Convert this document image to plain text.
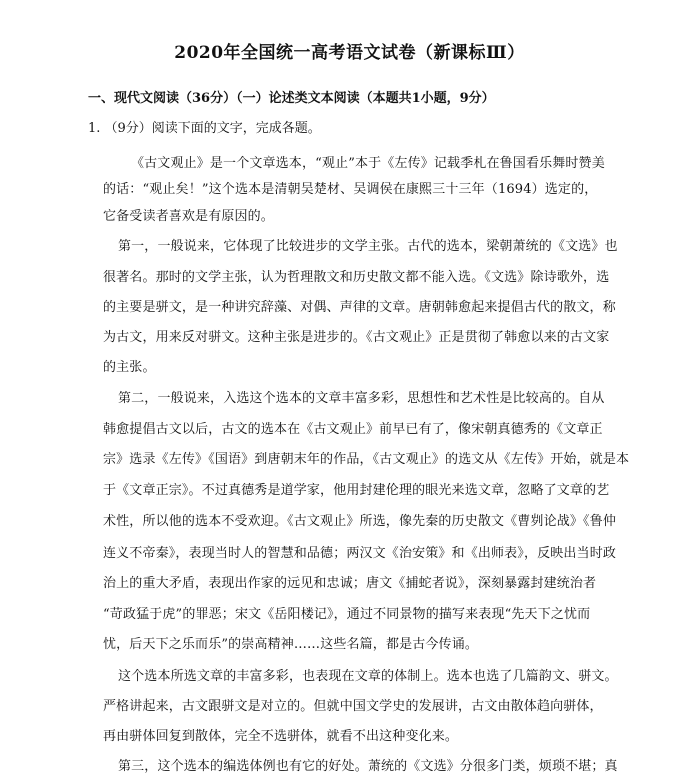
2020年全国统一高考语文试卷（新课标Ⅲ）
一、现代文阅读（36分）（一）论述类文本阅读（本题共1小题，9分）
1. （9分）阅读下面的文字，完成各题。
《古文观止》是一个文章选本，“观止”本于《左传》记载季札在鲁国看乐舞时赞美
的话：“观止矣！”这个选本是清朝吴楚材、吴调侯在康熙三十三年（1694）选定的，
它备受读者喜欢是有原因的。
第一，一般说来，它体现了比较进步的文学主张。古代的选本，梁朝萧统的《文选》也
很著名。那时的文学主张，认为哲理散文和历史散文都不能入选。《文选》除诗歌外，选
的主要是骈文，是一种讲究辞藻、对偶、声律的文章。唐朝韩愈起来提倡古代的散文，称
为古文，用来反对骈文。这种主张是进步的。《古文观止》正是贯彻了韩愈以来的古文家
的主张。
第二，一般说来，入选这个选本的文章丰富多彩，思想性和艺术性是比较高的。自从
韩愈提倡古文以后，古文的选本在《古文观止》前早已有了，像宋朝真德秀的《文章正
宗》选录《左传》《国语》到唐朝末年的作品，《古文观止》的选文从《左传》开始，就是本
于《文章正宗》。不过真德秀是道学家，他用封建伦理的眼光来选文章，忽略了文章的艺
术性，所以他的选本不受欢迎。《古文观止》所选，像先秦的历史散文《曹刿论战》《鲁仲
连义不帝秦》，表现当时人的智慧和品德；两汉文《治安策》和《出师表》，反映出当时政
治上的重大矛盾，表现出作家的远见和忠诚；唐文《捕蛇者说》，深刻暴露封建统治者
“苛政猛于虎”的罪恶；宋文《岳阳楼记》，通过不同景物的描写来表现“先天下之忧而
忧，后天下之乐而乐”的崇高精神……这些名篇，都是古今传诵。
这个选本所选文章的丰富多彩，也表现在文章的体制上。选本也选了几篇韵文、骈文。
严格讲起来，古文跟骈文是对立的。但就中国文学史的发展讲，古文由散体趋向骈体，
再由骈体回复到散体，完全不选骈体，就看不出这种变化来。
第三，这个选本的编选体例也有它的好处。萧统的《文选》分很多门类，烦琐不堪；真
